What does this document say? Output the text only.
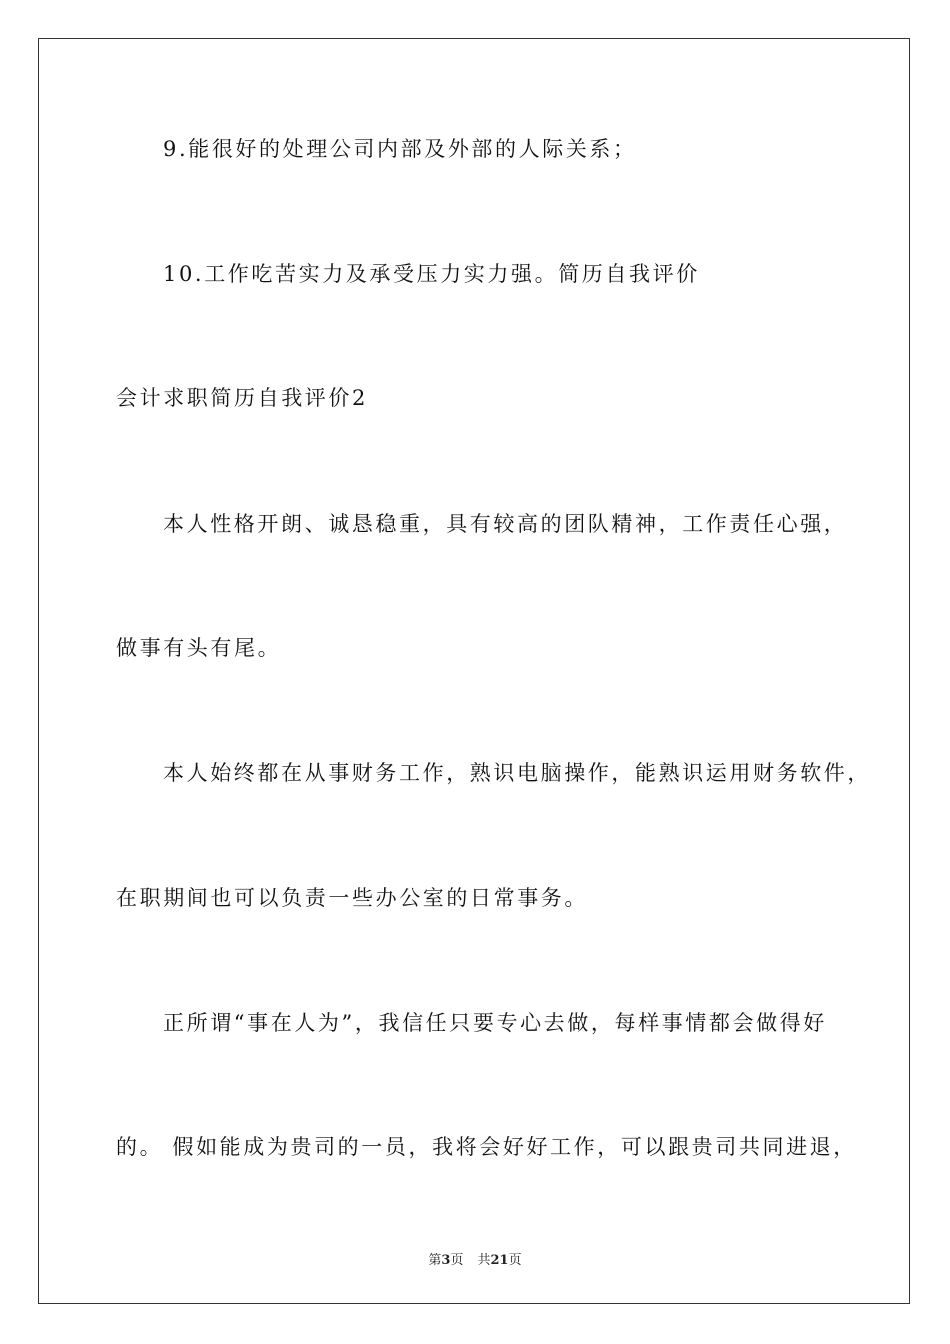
9.能很好的处理公司内部及外部的人际关系；
10.工作吃苦实力及承受压力实力强。简历自我评价
会计求职简历自我评价2
本人性格开朗、诚恳稳重，具有较高的团队精神，工作责任心强，
做事有头有尾。
本人始终都在从事财务工作，熟识电脑操作，能熟识运用财务软件，
在职期间也可以负责一些办公室的日常事务。
正所谓“事在人为”，我信任只要专心去做，每样事情都会做得好
的。 假如能成为贵司的一员，我将会好好工作，可以跟贵司共同进退，
第3页 共21页
